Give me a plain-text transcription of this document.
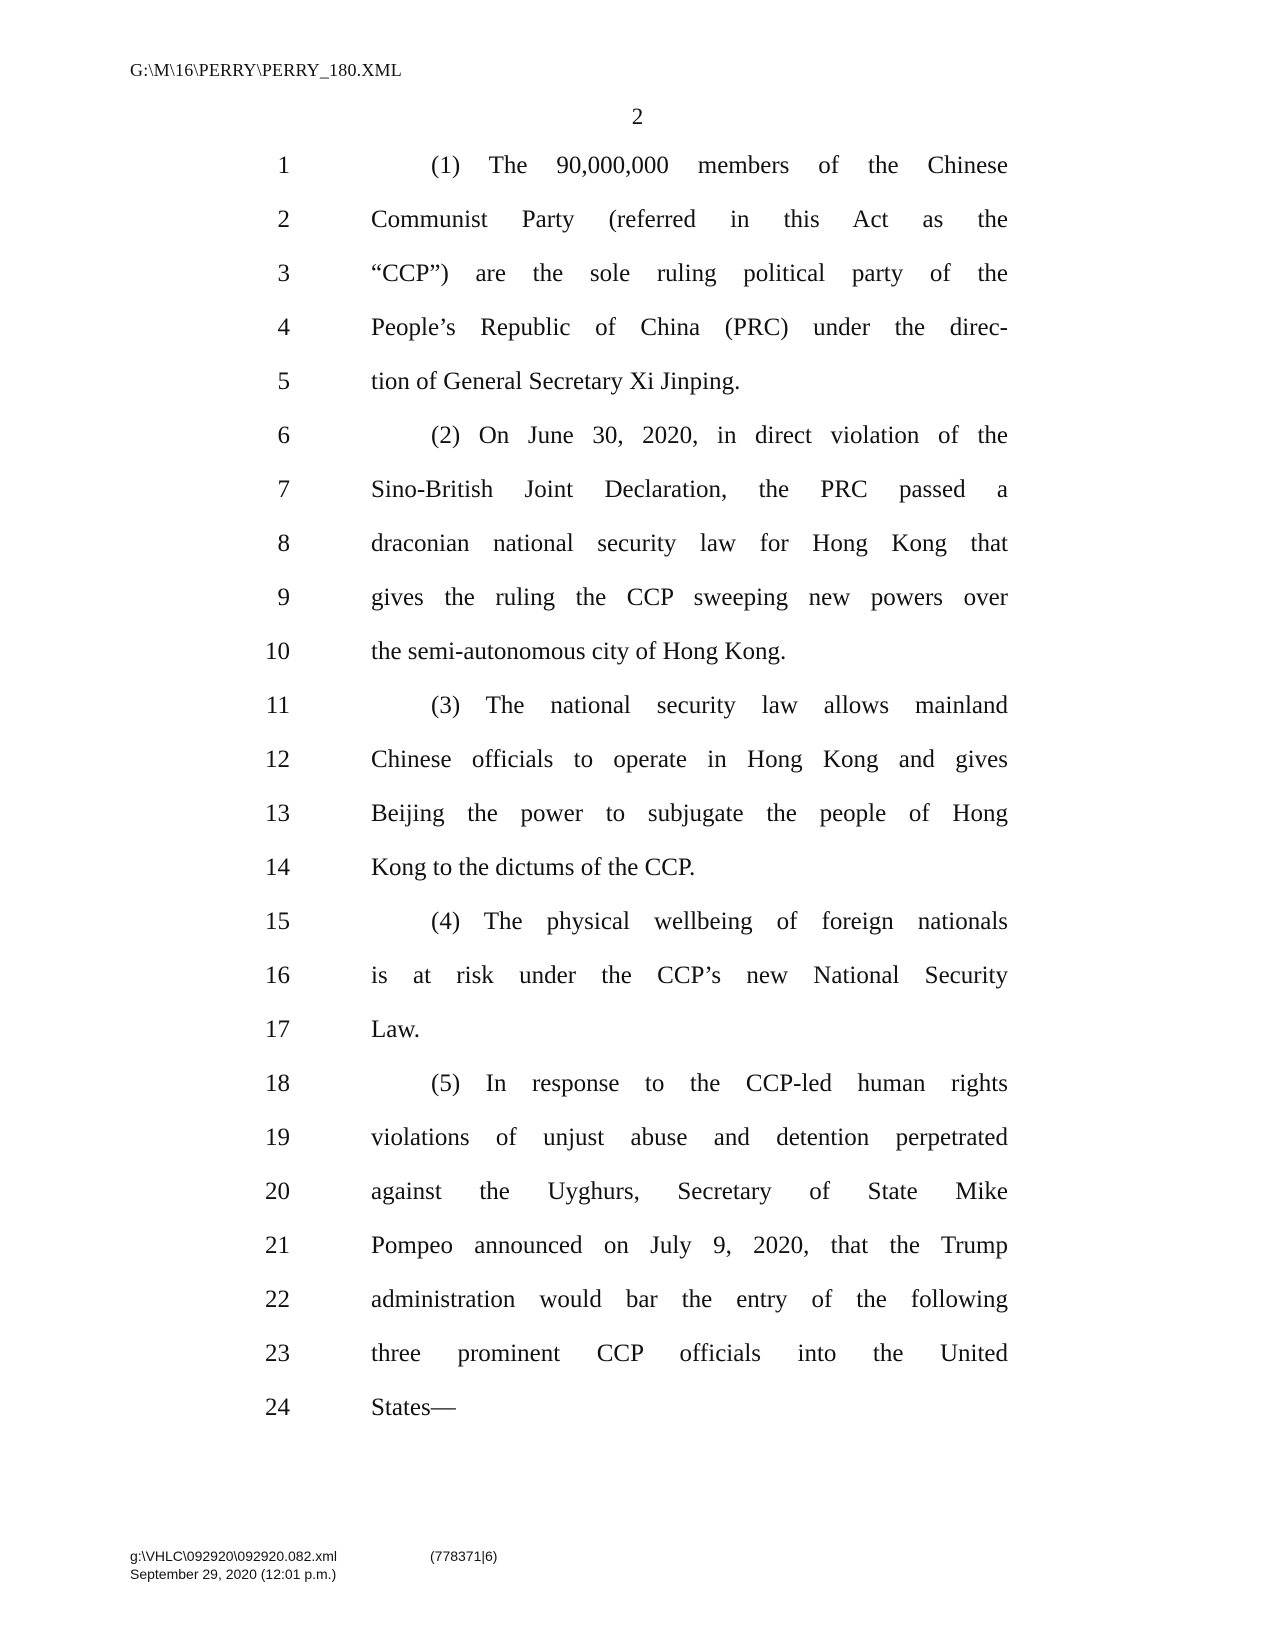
G:\M\16\PERRY\PERRY_180.XML
2
1	(1) The 90,000,000 members of the Chinese
2	Communist Party (referred in this Act as the
3	“CCP”) are the sole ruling political party of the
4	People’s Republic of China (PRC) under the direc-
5	tion of General Secretary Xi Jinping.
6	(2) On June 30, 2020, in direct violation of the
7	Sino-British Joint Declaration, the PRC passed a
8	draconian national security law for Hong Kong that
9	gives the ruling the CCP sweeping new powers over
10	the semi-autonomous city of Hong Kong.
11	(3) The national security law allows mainland
12	Chinese officials to operate in Hong Kong and gives
13	Beijing the power to subjugate the people of Hong
14	Kong to the dictums of the CCP.
15	(4) The physical wellbeing of foreign nationals
16	is at risk under the CCP’s new National Security
17	Law.
18	(5) In response to the CCP-led human rights
19	violations of unjust abuse and detention perpetrated
20	against the Uyghurs, Secretary of State Mike
21	Pompeo announced on July 9, 2020, that the Trump
22	administration would bar the entry of the following
23	three prominent CCP officials into the United
24	States—
g:\VHLC\092920\092920.082.xml	(778371|6)
September 29, 2020 (12:01 p.m.)
